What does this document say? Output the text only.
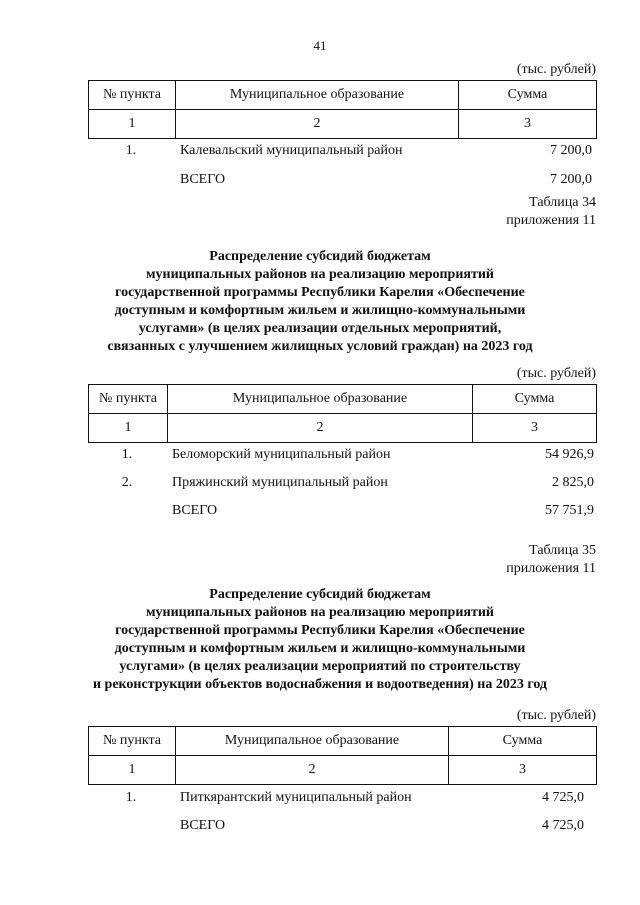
41
(тыс. рублей)
№ пункта	Муниципальное образование	Сумма
1	2	3
1.	Калевальский муниципальный район	7 200,0
ВСЕГО	7 200,0
Таблица 34
приложения 11
Распределение субсидий бюджетам
муниципальных районов на реализацию мероприятий
государственной программы Республики Карелия «Обеспечение
доступным и комфортным жильем и жилищно-коммунальными
услугами» (в целях реализации отдельных мероприятий,
связанных с улучшением жилищных условий граждан) на 2023 год
(тыс. рублей)
№ пункта	Муниципальное образование	Сумма
1	2	3
1.	Беломорский муниципальный район	54 926,9
2.	Пряжинский муниципальный район	2 825,0
ВСЕГО	57 751,9
Таблица 35
приложения 11
Распределение субсидий бюджетам
муниципальных районов на реализацию мероприятий
государственной программы Республики Карелия «Обеспечение
доступным и комфортным жильем и жилищно-коммунальными
услугами» (в целях реализации мероприятий по строительству
и реконструкции объектов водоснабжения и водоотведения) на 2023 год
(тыс. рублей)
№ пункта	Муниципальное образование	Сумма
1	2	3
1.	Питкярантский муниципальный район	4 725,0
ВСЕГО	4 725,0
